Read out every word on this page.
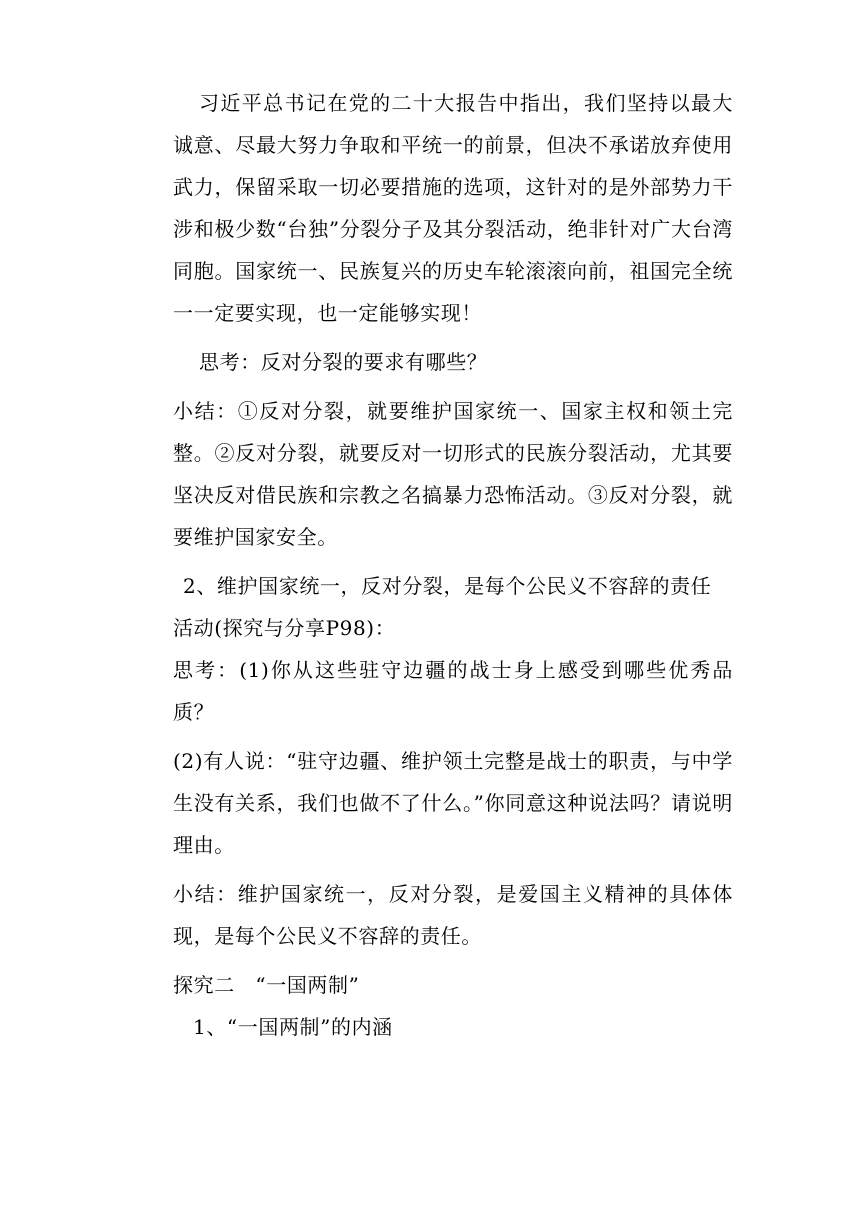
习近平总书记在党的二十大报告中指出，我们坚持以最大诚意、尽最大努力争取和平统一的前景，但决不承诺放弃使用武力，保留采取一切必要措施的选项，这针对的是外部势力干涉和极少数“台独”分裂分子及其分裂活动，绝非针对广大台湾同胞。国家统一、民族复兴的历史车轮滚滚向前，祖国完全统一一定要实现，也一定能够实现！

思考：反对分裂的要求有哪些？

小结：①反对分裂，就要维护国家统一、国家主权和领土完整。②反对分裂，就要反对一切形式的民族分裂活动，尤其要坚决反对借民族和宗教之名搞暴力恐怖活动。③反对分裂，就要维护国家安全。

2、维护国家统一，反对分裂，是每个公民义不容辞的责任

活动(探究与分享P98)：

思考：(1)你从这些驻守边疆的战士身上感受到哪些优秀品质？

(2)有人说：“驻守边疆、维护领土完整是战士的职责，与中学生没有关系，我们也做不了什么。”你同意这种说法吗？请说明理由。

小结：维护国家统一，反对分裂，是爱国主义精神的具体体现，是每个公民义不容辞的责任。

探究二　“一国两制”

1、“一国两制”的内涵
